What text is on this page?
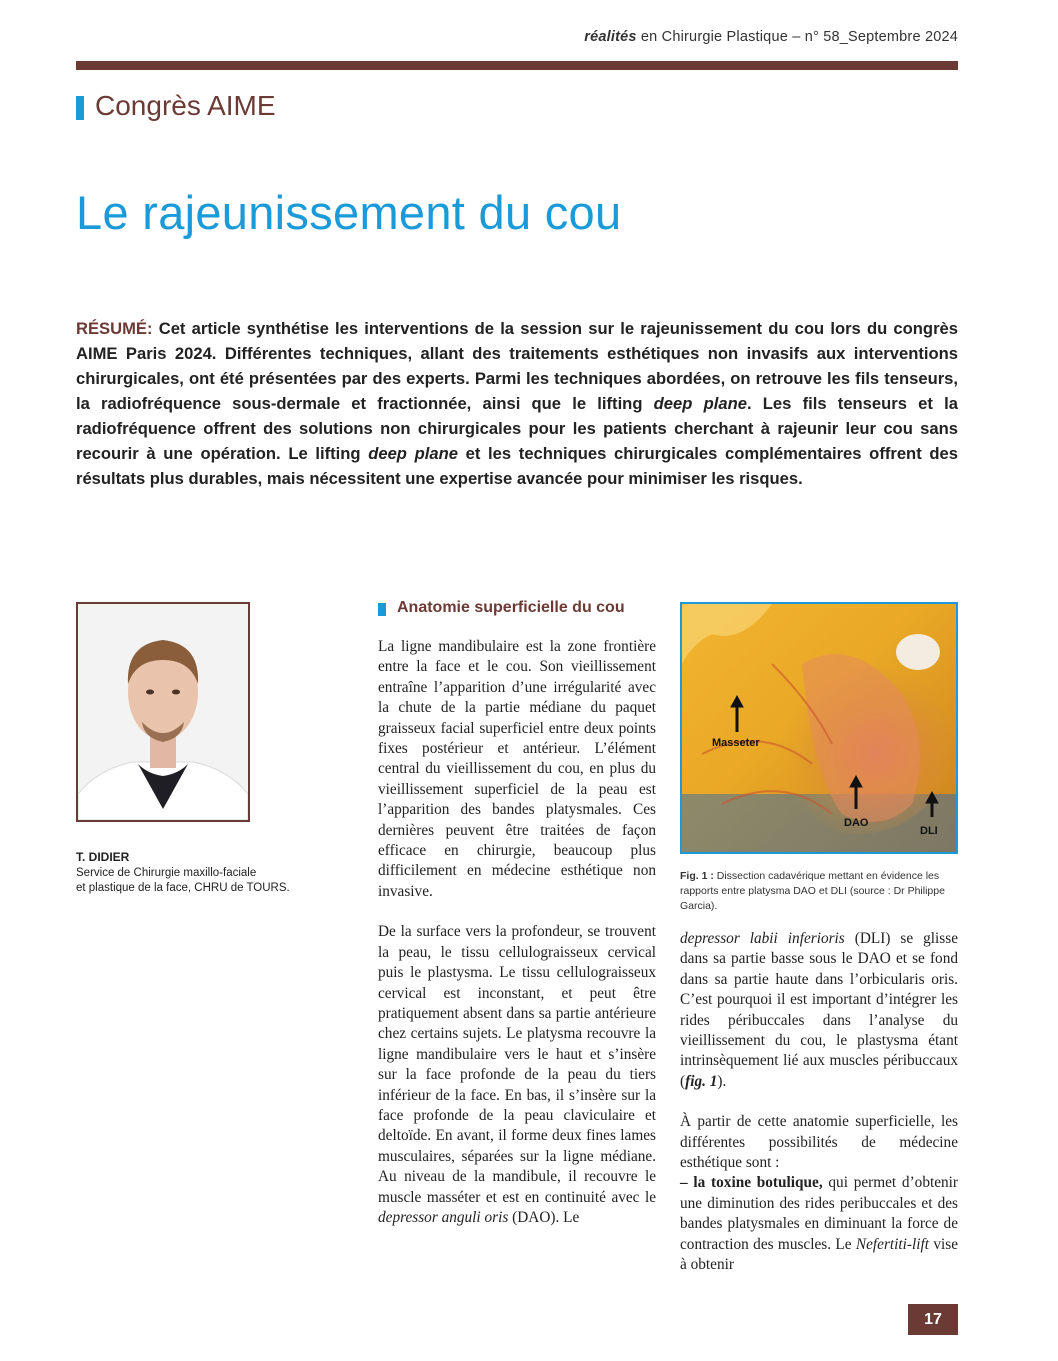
réalités en Chirurgie Plastique – n° 58_Septembre 2024
Congrès AIME
Le rajeunissement du cou
RÉSUMÉ: Cet article synthétise les interventions de la session sur le rajeunissement du cou lors du congrès AIME Paris 2024. Différentes techniques, allant des traitements esthétiques non invasifs aux interventions chirurgicales, ont été présentées par des experts. Parmi les techniques abordées, on retrouve les fils tenseurs, la radiofréquence sous-dermale et fractionnée, ainsi que le lifting deep plane. Les fils tenseurs et la radiofréquence offrent des solutions non chirurgicales pour les patients cherchant à rajeunir leur cou sans recourir à une opération. Le lifting deep plane et les techniques chirurgicales complémentaires offrent des résultats plus durables, mais nécessitent une expertise avancée pour minimiser les risques.
T. DIDIER
Service de Chirurgie maxillo-faciale
et plastique de la face, CHRU de TOURS.
Anatomie superficielle du cou

La ligne mandibulaire est la zone frontière entre la face et le cou. Son vieillissement entraîne l’apparition d’une irrégularité avec la chute de la partie médiane du paquet graisseux facial superficiel entre deux points fixes postérieur et antérieur. L’élément central du vieillissement du cou, en plus du vieillissement superficiel de la peau est l’apparition des bandes platysmales. Ces dernières peuvent être traitées de façon efficace en chirurgie, beaucoup plus difficilement en médecine esthétique non invasive.

De la surface vers la profondeur, se trouvent la peau, le tissu cellulograisseux cervical puis le plastysma. Le tissu cellulograisseux cervical est inconstant, et peut être pratiquement absent dans sa partie antérieure chez certains sujets. Le platysma recouvre la ligne mandibulaire vers le haut et s’insère sur la face profonde de la peau du tiers inférieur de la face. En bas, il s’insère sur la face profonde de la peau claviculaire et deltoïde. En avant, il forme deux fines lames musculaires, séparées sur la ligne médiane. Au niveau de la mandibule, il recouvre le muscle masséter et est en continuité avec le depressor anguli oris (DAO). Le

Masseter
DAO
DLI
Fig. 1 : Dissection cadavérique mettant en évidence les rapports entre platysma DAO et DLI (source : Dr Philippe Garcia).

depressor labii inferioris (DLI) se glisse dans sa partie basse sous le DAO et se fond dans sa partie haute dans l’orbicularis oris. C’est pourquoi il est important d’intégrer les rides péribuccales dans l’analyse du vieillissement du cou, le plastysma étant intrinsèquement lié aux muscles péribuccaux (fig. 1).

À partir de cette anatomie superficielle, les différentes possibilités de médecine esthétique sont :

– la toxine botulique, qui permet d’obtenir une diminution des rides peribuccales et des bandes platysmales en diminuant la force de contraction des muscles. Le Nefertiti-lift vise à obtenir

17
